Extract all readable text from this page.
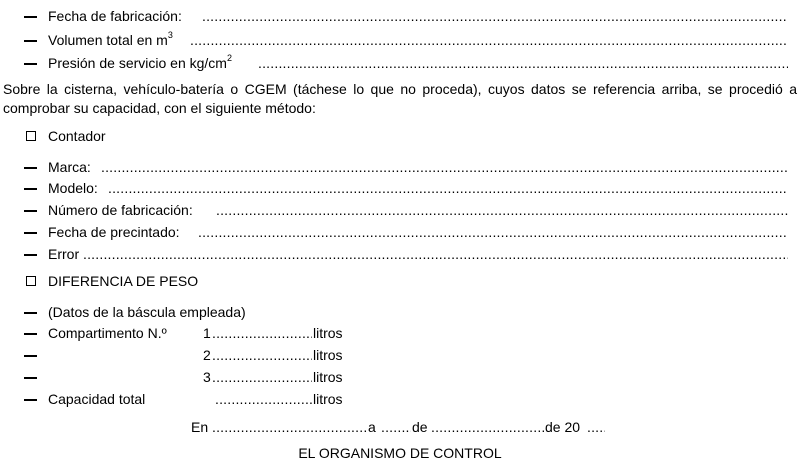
Fecha de fabricación:
.....
Volumen total en $m^3$
.....
Presión de servicio en $kg/cm^2$
.....
Sobre la cisterna, vehículo-batería o CGEM (táchese lo que no proceda), cuyos datos se referencia arriba, se procedió a comprobar su capacidad, con el siguiente método:
Contador
Marca:
.....
Modelo:
.....
Número de fabricación:
.....
Fecha de precintado:
.....
Error
.....
DIFERENCIA DE PESO
(Datos de la báscula empleada)
Compartimento N.º	1 .....	litros
2 .....	litros
3 .....	litros
Capacidad total .....	litros
En .....	a .....	de .....	de 20
.....
EL ORGANISMO DE CONTROL
